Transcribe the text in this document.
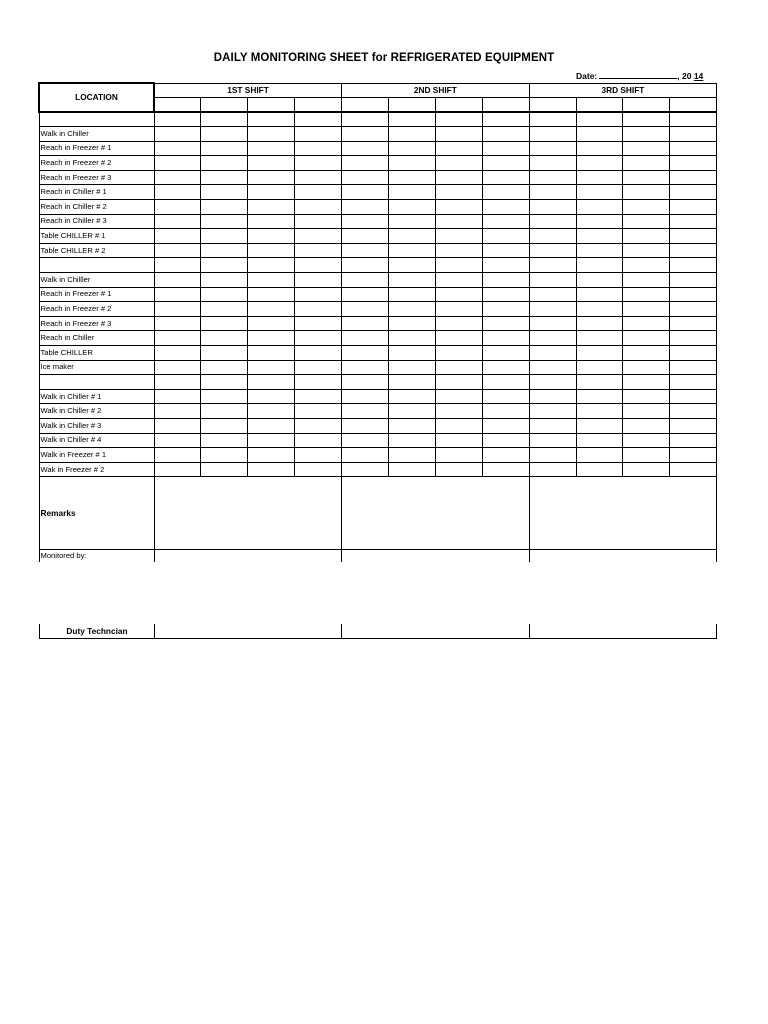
DAILY MONITORING SHEET for REFRIGERATED EQUIPMENT
Date:	, 20 14
LOCATION	1ST SHIFT				2ND SHIFT				3RD SHIFT			

Walk in Chiller												
Reach in Freezer # 1												
Reach in Freezer # 2												
Reach in Freezer # 3												
Reach in Chiller # 1												
Reach in Chiller # 2												
Reach in Chiller # 3												
Table CHILLER # 1												
Table CHILLER # 2												

Walk in Chilller												
Reach in Freezer # 1												
Reach in Freezer # 2												
Reach in Freezer # 3												
Reach in Chiller												
Table CHILLER												
Ice maker												

Walk in Chiller # 1												
Walk in Chiller # 2												
Walk in Chiller # 3												
Walk in Chiller # 4												
Walk in Freezer # 1												
Wak in Freezer # 2												
Remarks												
Monitored by:												

Duty Techncian												
